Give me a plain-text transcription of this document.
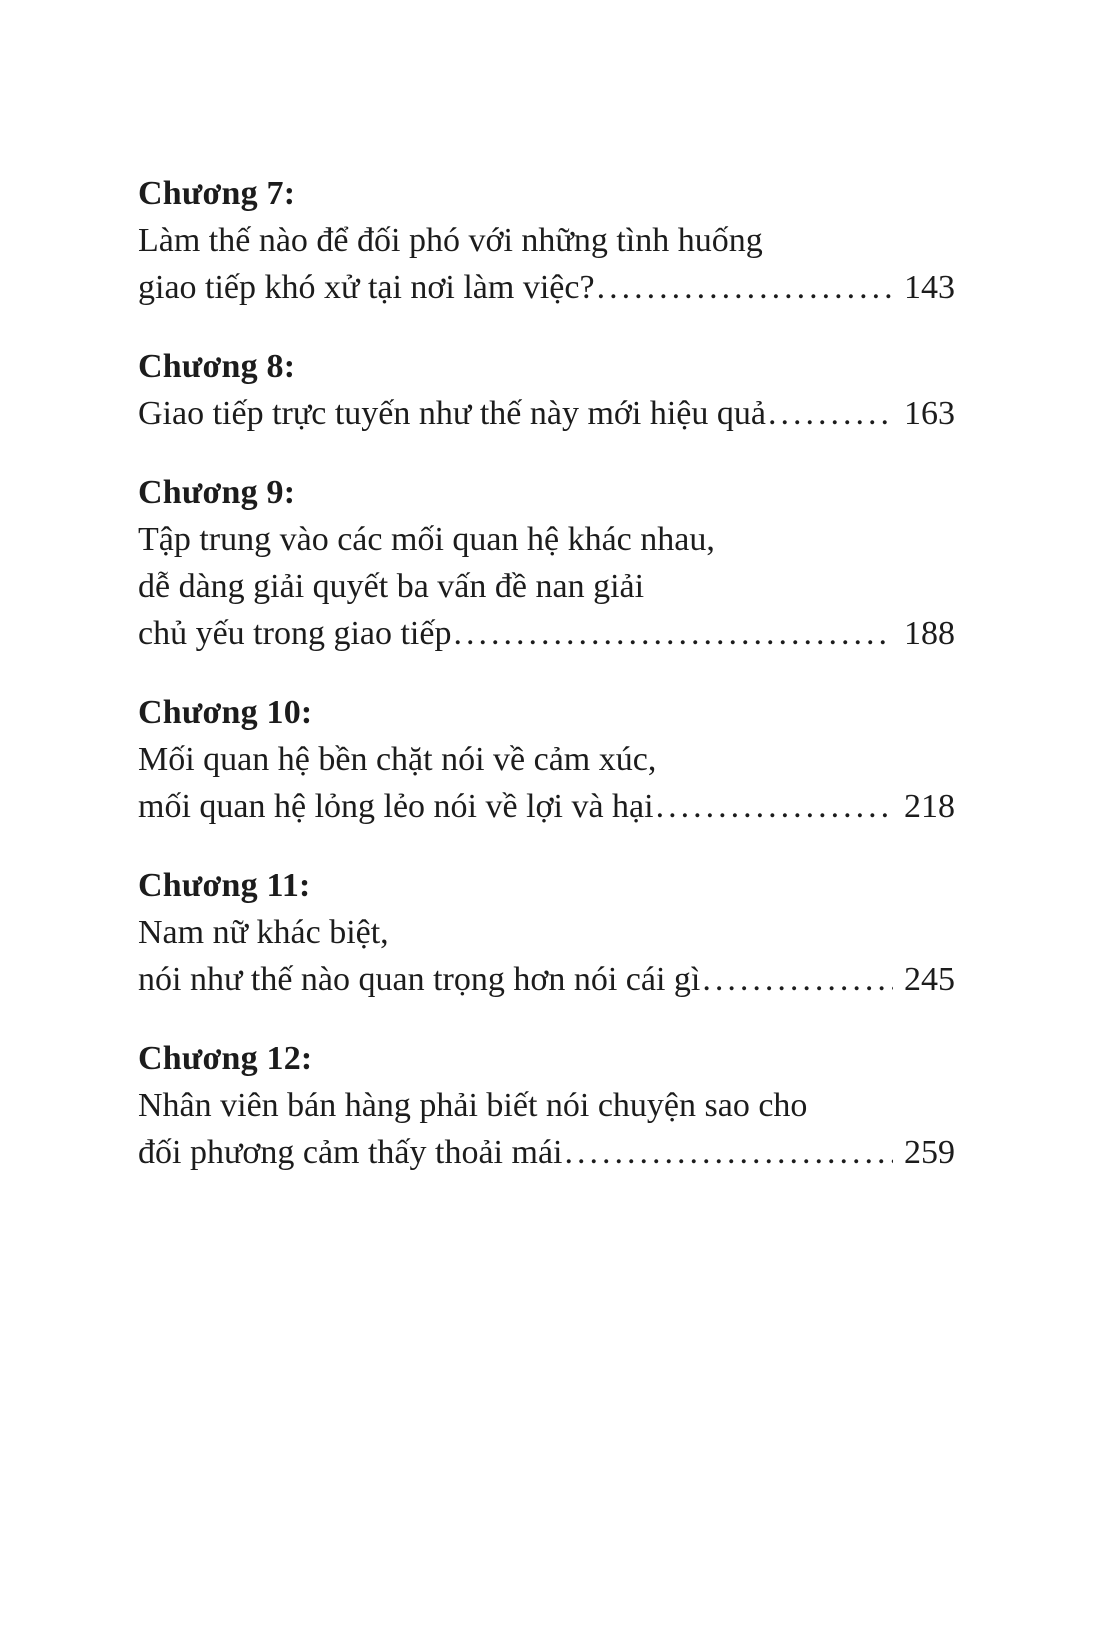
Chương 7:
Làm thế nào để đối phó với những tình huống
giao tiếp khó xử tại nơi làm việc? .....	143
Chương 8:
Giao tiếp trực tuyến như thế này mới hiệu quả .....	163
Chương 9:
Tập trung vào các mối quan hệ khác nhau,
dễ dàng giải quyết ba vấn đề nan giải
chủ yếu trong giao tiếp .....	188
Chương 10:
Mối quan hệ bền chặt nói về cảm xúc,
mối quan hệ lỏng lẻo nói về lợi và hại .....	218
Chương 11:
Nam nữ khác biệt,
nói như thế nào quan trọng hơn nói cái gì .....	245
Chương 12:
Nhân viên bán hàng phải biết nói chuyện sao cho
đối phương cảm thấy thoải mái .....	259
